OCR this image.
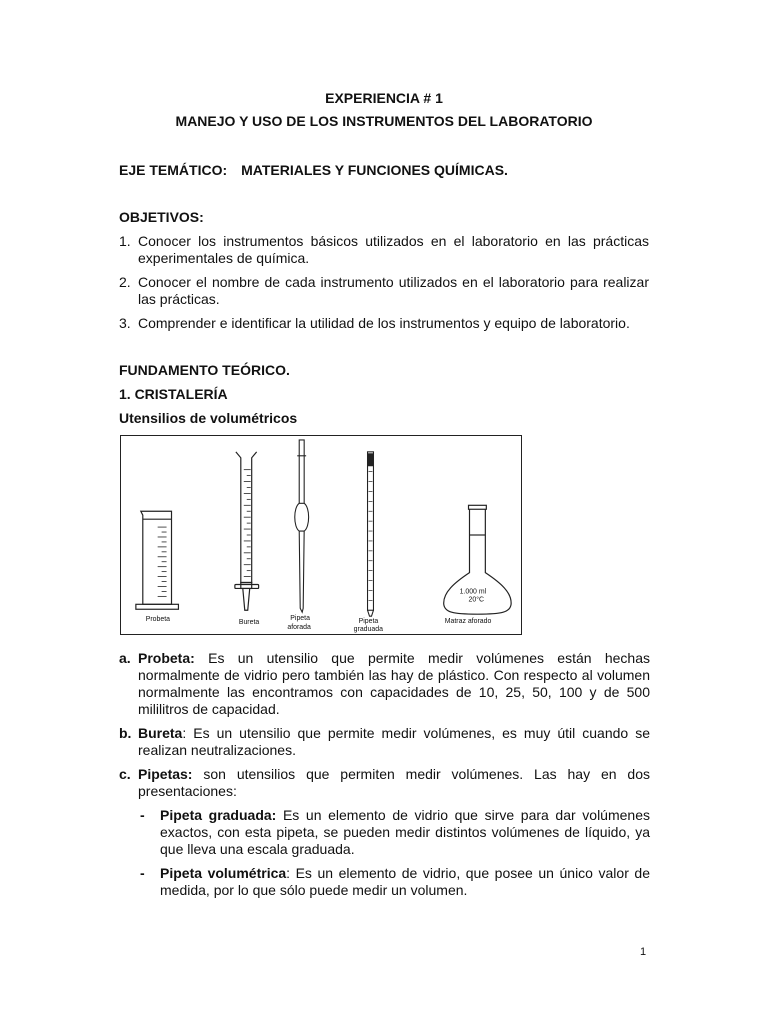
EXPERIENCIA # 1
MANEJO Y USO DE LOS INSTRUMENTOS DEL LABORATORIO
EJE TEMÁTICO: MATERIALES Y FUNCIONES QUÍMICAS.
OBJETIVOS:
1. Conocer los instrumentos básicos utilizados en el laboratorio en las prácticas experimentales de química.
2. Conocer el nombre de cada instrumento utilizados en el laboratorio para realizar las prácticas.
3. Comprender e identificar la utilidad de los instrumentos y equipo de laboratorio.
FUNDAMENTO TEÓRICO.
1. CRISTALERÍA
Utensilios de volumétricos
Probeta	Bureta
Pipeta
aforada
Pipeta
graduada
1.000 ml
20°C
Matraz aforado
a. Probeta: Es un utensilio que permite medir volúmenes están hechas normalmente de vidrio pero también las hay de plástico. Con respecto al volumen normalmente las encontramos con capacidades de 10, 25, 50, 100 y de 500 mililitros de capacidad.
b. Bureta: Es un utensilio que permite medir volúmenes, es muy útil cuando se realizan neutralizaciones.
c. Pipetas: son utensilios que permiten medir volúmenes. Las hay en dos presentaciones:
- Pipeta graduada: Es un elemento de vidrio que sirve para dar volúmenes exactos, con esta pipeta, se pueden medir distintos volúmenes de líquido, ya que lleva una escala graduada.
- Pipeta volumétrica: Es un elemento de vidrio, que posee un único valor de medida, por lo que sólo puede medir un volumen.
1
